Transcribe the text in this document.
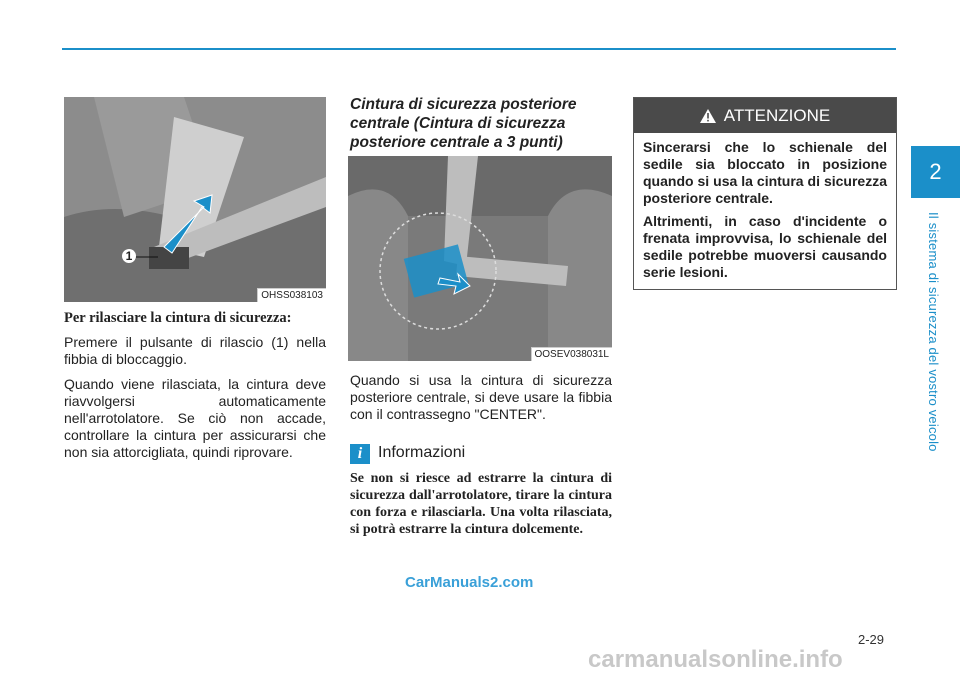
2
Il sistema di sicurezza del vostro veicolo
1
OHSS038103
Per rilasciare la cintura di sicurezza:

Premere il pulsante di rilascio (1) nella fibbia di bloccaggio.

Quando viene rilasciata, la cintura deve riavvolgersi automaticamente nell'arrotolatore. Se ciò non accade, controllare la cintura per assicurarsi che non sia attorcigliata, quindi riprovare.

Cintura di sicurezza posteriore centrale (Cintura di sicurezza posteriore centrale a 3 punti)
OOSEV038031L
Quando si usa la cintura di sicurezza posteriore centrale, si deve usare la fibbia con il contrassegno "CENTER".
i Informazioni
Se non si riesce ad estrarre la cintura di sicurezza dall'arrotolatore, tirare la cintura con forza e rilasciarla. Una volta rilasciata, si potrà estrarre la cintura dolcemente.
ATTENZIONE

Sincerarsi che lo schienale del sedile sia bloccato in posizione quando si usa la cintura di sicurezza posteriore centrale.

Altrimenti, in caso d'incidente o frenata improvvisa, lo schienale del sedile potrebbe muoversi causando serie lesioni.

CarManuals2.com
2-29
carmanualsonline.info
